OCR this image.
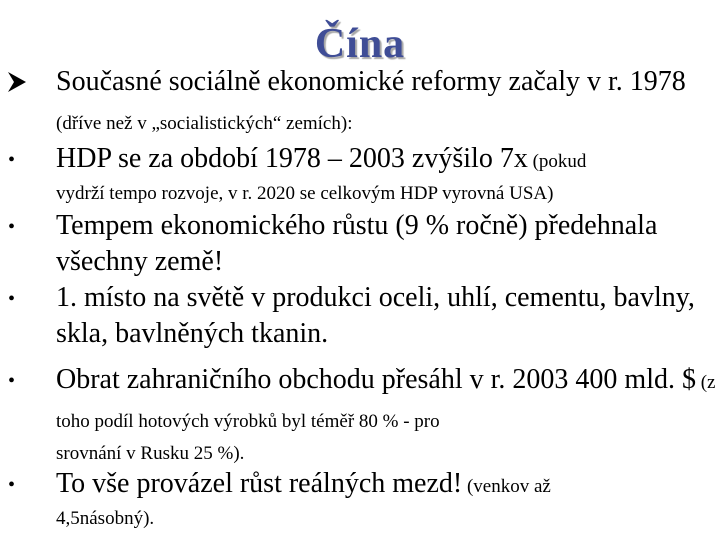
Čína
Současné sociálně ekonomické reformy začaly v r. 1978 (dříve než v „socialistických“ zemích):
• HDP se za období 1978 – 2003 zvýšilo 7x (pokud
vydrží tempo rozvoje, v r. 2020 se celkovým HDP vyrovná USA)
• Tempem ekonomického růstu (9 % ročně) předehnala všechny země!
• 1. místo na světě v produkci oceli, uhlí, cementu, bavlny, skla, bavlněných tkanin.
• Obrat zahraničního obchodu přesáhl v r. 2003 400 mld. $ (z toho podíl hotových výrobků byl téměř 80 % - pro
srovnání v Rusku 25 %).
• To vše provázel růst reálných mezd! (venkov až
4,5násobný).
